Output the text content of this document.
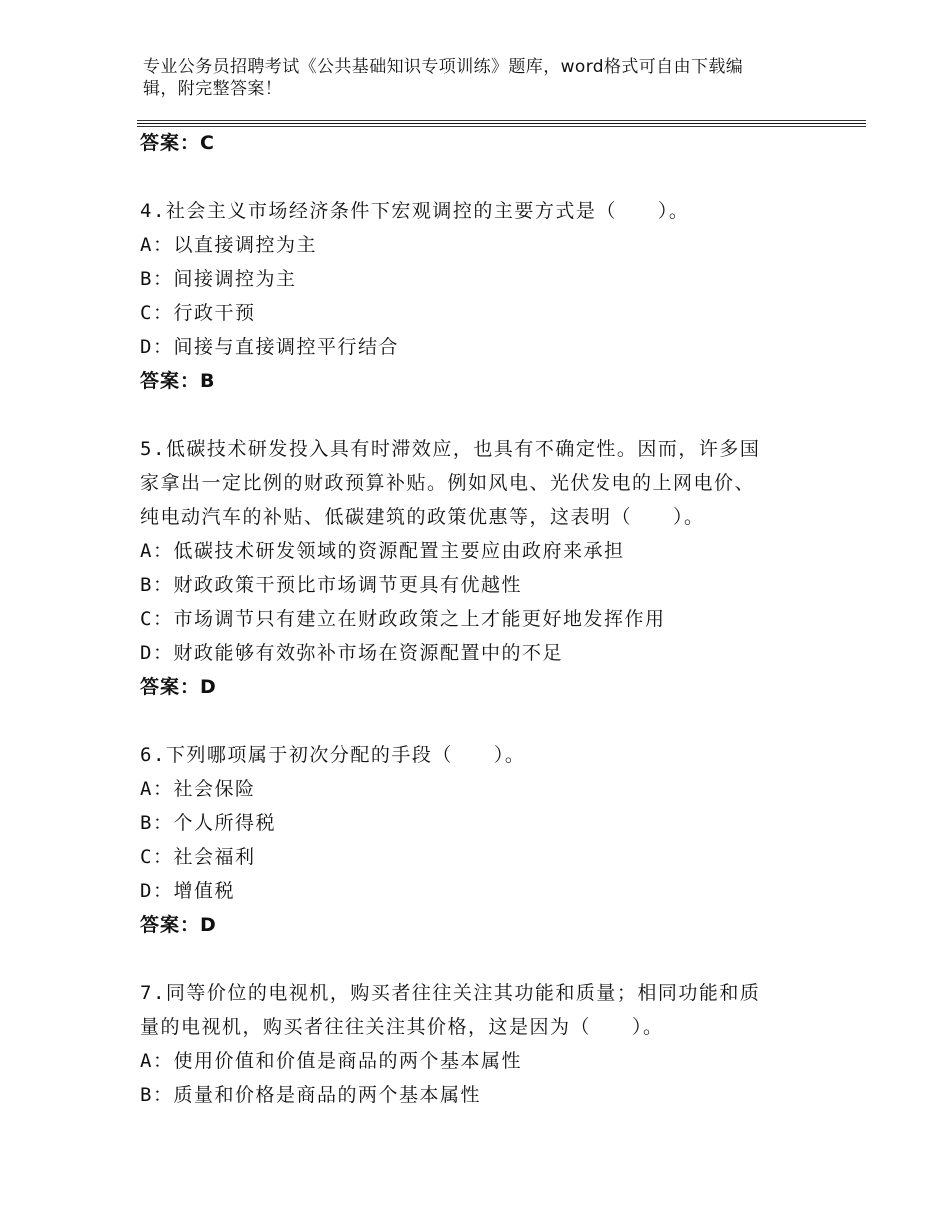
专业公务员招聘考试《公共基础知识专项训练》题库，word格式可自由下载编
辑，附完整答案！
答案：C
4.社会主义市场经济条件下宏观调控的主要方式是（　　）。
A：以直接调控为主
B：间接调控为主
C：行政干预
D：间接与直接调控平行结合
答案：B
5.低碳技术研发投入具有时滞效应，也具有不确定性。因而，许多国
家拿出一定比例的财政预算补贴。例如风电、光伏发电的上网电价、
纯电动汽车的补贴、低碳建筑的政策优惠等，这表明（　　）。
A：低碳技术研发领域的资源配置主要应由政府来承担
B：财政政策干预比市场调节更具有优越性
C：市场调节只有建立在财政政策之上才能更好地发挥作用
D：财政能够有效弥补市场在资源配置中的不足
答案：D
6.下列哪项属于初次分配的手段（　　）。
A：社会保险
B：个人所得税
C：社会福利
D：增值税
答案：D
7.同等价位的电视机，购买者往往关注其功能和质量；相同功能和质
量的电视机，购买者往往关注其价格，这是因为（　　）。
A：使用价值和价值是商品的两个基本属性
B：质量和价格是商品的两个基本属性
